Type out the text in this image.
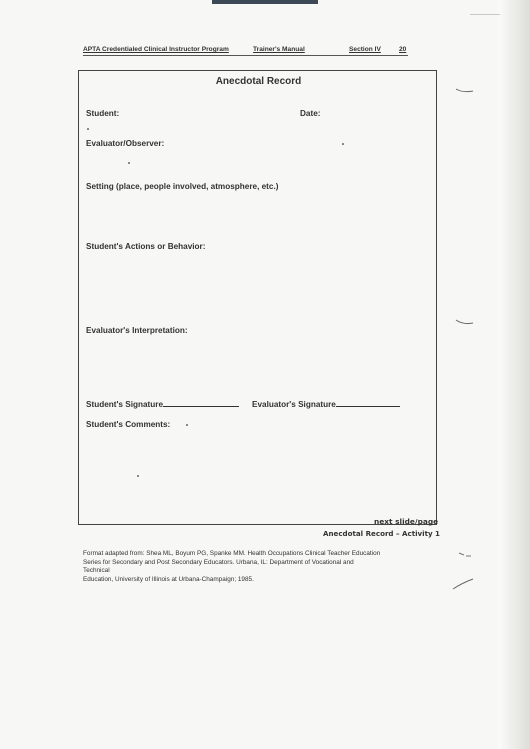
APTA Credentialed Clinical Instructor Program	Trainer's Manual	Section IV	20
Anecdotal Record
Student:	Date:
Evaluator/Observer:
Setting (place, people involved, atmosphere, etc.)
Student's Actions or Behavior:
Evaluator's Interpretation:
Student's Signature	Evaluator's Signature
Student's Comments:
next slide/page
Anecdotal Record – Activity 1
Format adapted from: Shea ML, Boyum PG, Spanke MM. Health Occupations Clinical Teacher Education
Series for Secondary and Post Secondary Educators. Urbana, IL: Department of Vocational and
Technical
Education, University of Illinois at Urbana-Champaign; 1985.
